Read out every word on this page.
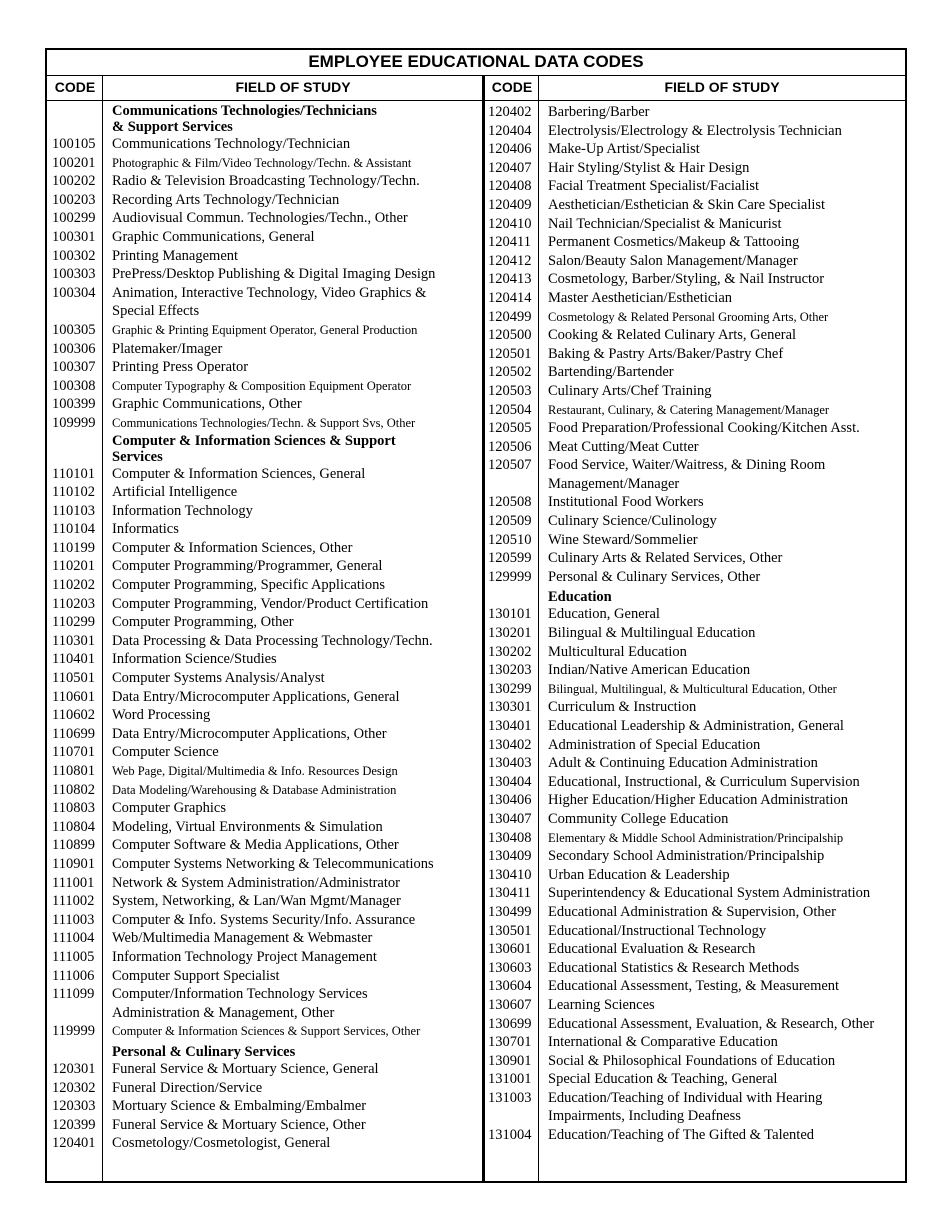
EMPLOYEE EDUCATIONAL DATA CODES
CODE	FIELD OF STUDY	CODE	FIELD OF STUDY
Communications Technologies/Technicians
& Support Services
100105	Communications Technology/Technician
100201	Photographic & Film/Video Technology/Techn. & Assistant
100202	Radio & Television Broadcasting Technology/Techn.
100203	Recording Arts Technology/Technician
100299	Audiovisual Commun. Technologies/Techn., Other
100301	Graphic Communications, General
100302	Printing Management
100303	PrePress/Desktop Publishing & Digital Imaging Design
100304	Animation, Interactive Technology, Video Graphics &
Special Effects
100305	Graphic & Printing Equipment Operator, General Production
100306	Platemaker/Imager
100307	Printing Press Operator
100308	Computer Typography & Composition Equipment Operator
100399	Graphic Communications, Other
109999	Communications Technologies/Techn. & Support Svs, Other
Computer & Information Sciences & Support
Services
110101	Computer & Information Sciences, General
110102	Artificial Intelligence
110103	Information Technology
110104	Informatics
110199	Computer & Information Sciences, Other
110201	Computer Programming/Programmer, General
110202	Computer Programming, Specific Applications
110203	Computer Programming, Vendor/Product Certification
110299	Computer Programming, Other
110301	Data Processing & Data Processing Technology/Techn.
110401	Information Science/Studies
110501	Computer Systems Analysis/Analyst
110601	Data Entry/Microcomputer Applications, General
110602	Word Processing
110699	Data Entry/Microcomputer Applications, Other
110701	Computer Science
110801	Web Page, Digital/Multimedia & Info. Resources Design
110802	Data Modeling/Warehousing & Database Administration
110803	Computer Graphics
110804	Modeling, Virtual Environments & Simulation
110899	Computer Software & Media Applications, Other
110901	Computer Systems Networking & Telecommunications
111001	Network & System Administration/Administrator
111002	System, Networking, & Lan/Wan Mgmt/Manager
111003	Computer & Info. Systems Security/Info. Assurance
111004	Web/Multimedia Management & Webmaster
111005	Information Technology Project Management
111006	Computer Support Specialist
111099	Computer/Information Technology Services
Administration & Management, Other
119999	Computer & Information Sciences & Support Services, Other
Personal & Culinary Services
120301	Funeral Service & Mortuary Science, General
120302	Funeral Direction/Service
120303	Mortuary Science & Embalming/Embalmer
120399	Funeral Service & Mortuary Science, Other
120401	Cosmetology/Cosmetologist, General
120402	Barbering/Barber
120404	Electrolysis/Electrology & Electrolysis Technician
120406	Make-Up Artist/Specialist
120407	Hair Styling/Stylist & Hair Design
120408	Facial Treatment Specialist/Facialist
120409	Aesthetician/Esthetician & Skin Care Specialist
120410	Nail Technician/Specialist & Manicurist
120411	Permanent Cosmetics/Makeup & Tattooing
120412	Salon/Beauty Salon Management/Manager
120413	Cosmetology, Barber/Styling, & Nail Instructor
120414	Master Aesthetician/Esthetician
120499	Cosmetology & Related Personal Grooming Arts, Other
120500	Cooking & Related Culinary Arts, General
120501	Baking & Pastry Arts/Baker/Pastry Chef
120502	Bartending/Bartender
120503	Culinary Arts/Chef Training
120504	Restaurant, Culinary, & Catering Management/Manager
120505	Food Preparation/Professional Cooking/Kitchen Asst.
120506	Meat Cutting/Meat Cutter
120507	Food Service, Waiter/Waitress, & Dining Room
Management/Manager
120508	Institutional Food Workers
120509	Culinary Science/Culinology
120510	Wine Steward/Sommelier
120599	Culinary Arts & Related Services, Other
129999	Personal & Culinary Services, Other
Education
130101	Education, General
130201	Bilingual & Multilingual Education
130202	Multicultural Education
130203	Indian/Native American Education
130299	Bilingual, Multilingual, & Multicultural Education, Other
130301	Curriculum & Instruction
130401	Educational Leadership & Administration, General
130402	Administration of Special Education
130403	Adult & Continuing Education Administration
130404	Educational, Instructional, & Curriculum Supervision
130406	Higher Education/Higher Education Administration
130407	Community College Education
130408	Elementary & Middle School Administration/Principalship
130409	Secondary School Administration/Principalship
130410	Urban Education & Leadership
130411	Superintendency & Educational System Administration
130499	Educational Administration & Supervision, Other
130501	Educational/Instructional Technology
130601	Educational Evaluation & Research
130603	Educational Statistics & Research Methods
130604	Educational Assessment, Testing, & Measurement
130607	Learning Sciences
130699	Educational Assessment, Evaluation, & Research, Other
130701	International & Comparative Education
130901	Social & Philosophical Foundations of Education
131001	Special Education & Teaching, General
131003	Education/Teaching of Individual with Hearing
Impairments, Including Deafness
131004	Education/Teaching of The Gifted & Talented
